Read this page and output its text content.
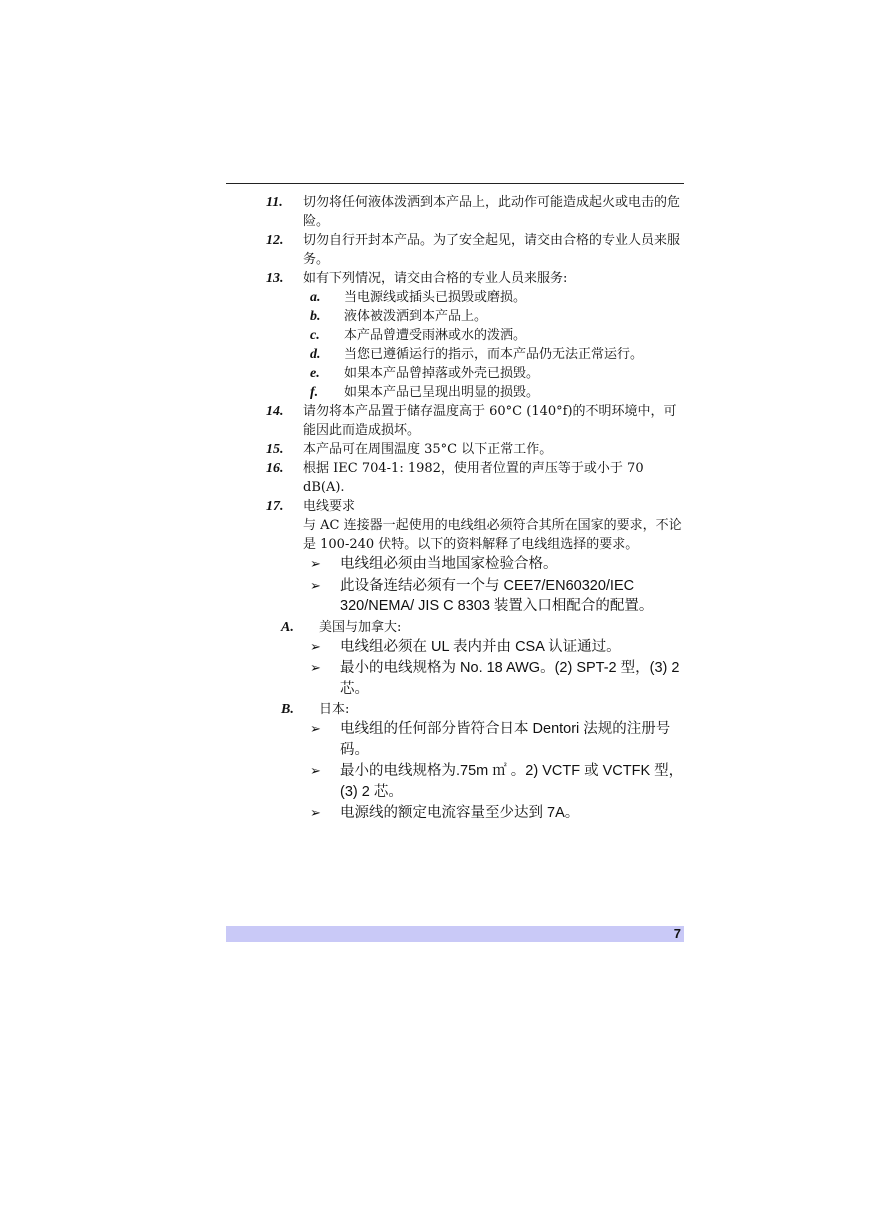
11. 切勿将任何液体泼洒到本产品上，此动作可能造成起火或电击的危险。
12. 切勿自行开封本产品。为了安全起见，请交由合格的专业人员来服务。
13. 如有下列情况，请交由合格的专业人员来服务:
a. 当电源线或插头已损毁或磨损。
b. 液体被泼洒到本产品上。
c. 本产品曾遭受雨淋或水的泼洒。
d. 当您已遵循运行的指示，而本产品仍无法正常运行。
e. 如果本产品曾掉落或外壳已损毁。
f. 如果本产品已呈现出明显的损毁。
14. 请勿将本产品置于储存温度高于 60°C (140°f)的不明环境中，可能因此而造成损坏。
15. 本产品可在周围温度 35°C 以下正常工作。
16. 根据 IEC 704-1: 1982，使用者位置的声压等于或小于 70 dB(A).
17. 电线要求
与 AC 连接器一起使用的电线组必须符合其所在国家的要求，不论是 100-240 伏特。以下的资料解释了电线组选择的要求。
➢ 电线组必须由当地国家检验合格。
➢ 此设备连结必须有一个与 CEE7/EN60320/IEC 320/NEMA/ JIS C 8303 装置入口相配合的配置。
A. 美国与加拿大:
➢ 电线组必须在 UL 表内并由 CSA 认证通过。
➢ 最小的电线规格为 No. 18 AWG。(2) SPT-2 型，(3) 2 芯。
B. 日本:
➢ 电线组的任何部分皆符合日本 Dentori 法规的注册号码。
➢ 最小的电线规格为.75m ㎡ 。2) VCTF 或 VCTFK 型，(3) 2 芯。
➢ 电源线的额定电流容量至少达到 7A。
7
